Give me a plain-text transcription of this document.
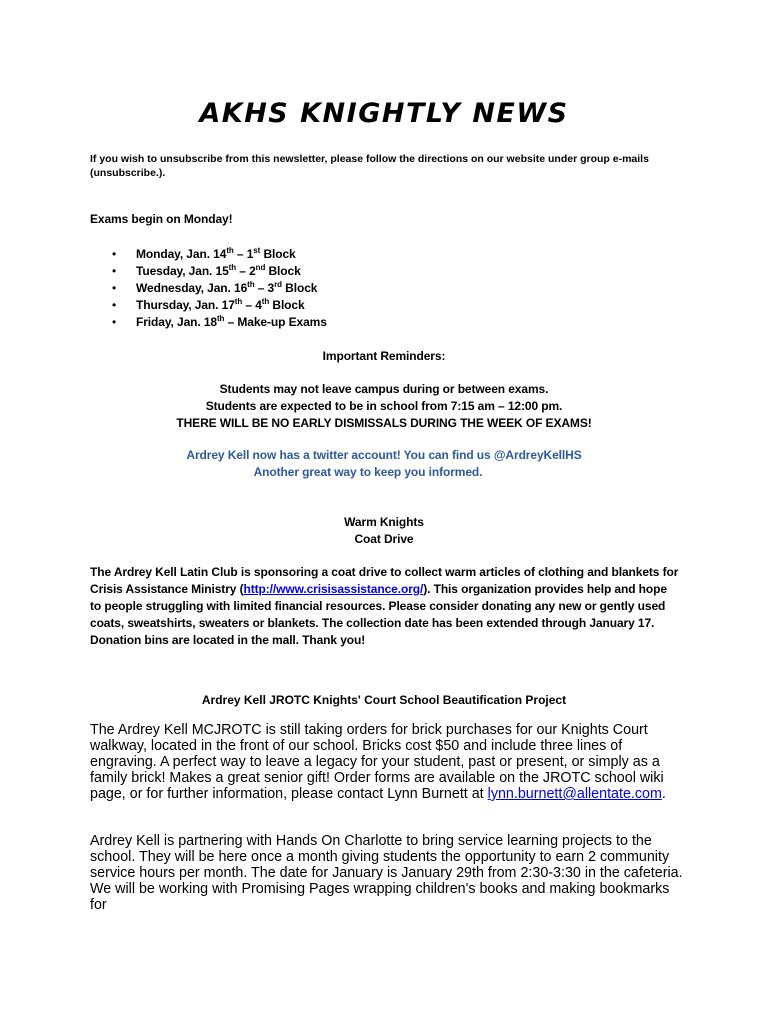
AKHS KNIGHTLY NEWS
If you wish to unsubscribe from this newsletter, please follow the directions on our website under group e-mails (unsubscribe.).
Exams begin on Monday!
• Monday, Jan. 14th – 1st Block
• Tuesday, Jan. 15th – 2nd Block
• Wednesday, Jan. 16th – 3rd Block
• Thursday, Jan. 17th – 4th Block
• Friday, Jan. 18th – Make-up Exams
Important Reminders:
Students may not leave campus during or between exams.
Students are expected to be in school from 7:15 am – 12:00 pm.
THERE WILL BE NO EARLY DISMISSALS DURING THE WEEK OF EXAMS!
Ardrey Kell now has a twitter account! You can find us @ArdreyKellHS
Another great way to keep you informed.
Warm Knights
Coat Drive
The Ardrey Kell Latin Club is sponsoring a coat drive to collect warm articles of clothing and blankets for Crisis Assistance Ministry (http://www.crisisassistance.org/). This organization provides help and hope to people struggling with limited financial resources. Please consider donating any new or gently used coats, sweatshirts, sweaters or blankets. The collection date has been extended through January 17. Donation bins are located in the mall. Thank you!
Ardrey Kell JROTC Knights' Court School Beautification Project
The Ardrey Kell MCJROTC is still taking orders for brick purchases for our Knights Court walkway, located in the front of our school. Bricks cost $50 and include three lines of engraving. A perfect way to leave a legacy for your student, past or present, or simply as a family brick! Makes a great senior gift! Order forms are available on the JROTC school wiki page, or for further information, please contact Lynn Burnett at lynn.burnett@allentate.com.
Ardrey Kell is partnering with Hands On Charlotte to bring service learning projects to the school. They will be here once a month giving students the opportunity to earn 2 community service hours per month. The date for January is January 29th from 2:30-3:30 in the cafeteria. We will be working with Promising Pages wrapping children's books and making bookmarks for
